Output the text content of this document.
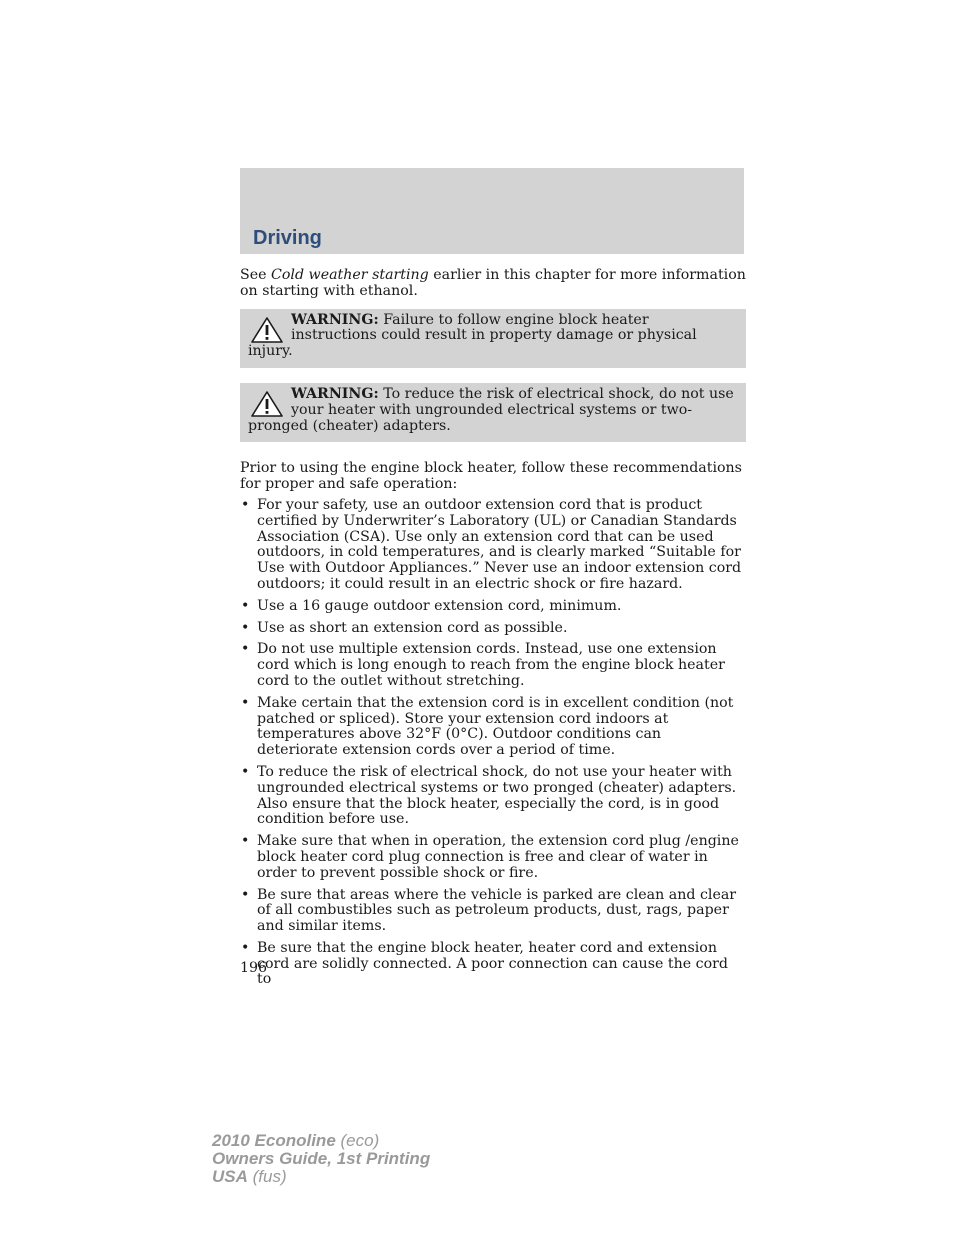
Driving

See Cold weather starting earlier in this chapter for more information on starting with ethanol.

WARNING: Failure to follow engine block heater instructions could result in property damage or physical injury.
WARNING: To reduce the risk of electrical shock, do not use your heater with ungrounded electrical systems or two-pronged (cheater) adapters.

Prior to using the engine block heater, follow these recommendations for proper and safe operation:

• For your safety, use an outdoor extension cord that is product certified by Underwriter’s Laboratory (UL) or Canadian Standards Association (CSA). Use only an extension cord that can be used outdoors, in cold temperatures, and is clearly marked “Suitable for Use with Outdoor Appliances.” Never use an indoor extension cord outdoors; it could result in an electric shock or fire hazard.
• Use a 16 gauge outdoor extension cord, minimum.
• Use as short an extension cord as possible.
• Do not use multiple extension cords. Instead, use one extension cord which is long enough to reach from the engine block heater cord to the outlet without stretching.
• Make certain that the extension cord is in excellent condition (not patched or spliced). Store your extension cord indoors at temperatures above 32°F (0°C). Outdoor conditions can deteriorate extension cords over a period of time.
• To reduce the risk of electrical shock, do not use your heater with ungrounded electrical systems or two pronged (cheater) adapters. Also ensure that the block heater, especially the cord, is in good condition before use.
• Make sure that when in operation, the extension cord plug /engine block heater cord plug connection is free and clear of water in order to prevent possible shock or fire.
• Be sure that areas where the vehicle is parked are clean and clear of all combustibles such as petroleum products, dust, rags, paper and similar items.
• Be sure that the engine block heater, heater cord and extension cord are solidly connected. A poor connection can cause the cord to
196
2010 Econoline (eco)
Owners Guide, 1st Printing
USA (fus)
